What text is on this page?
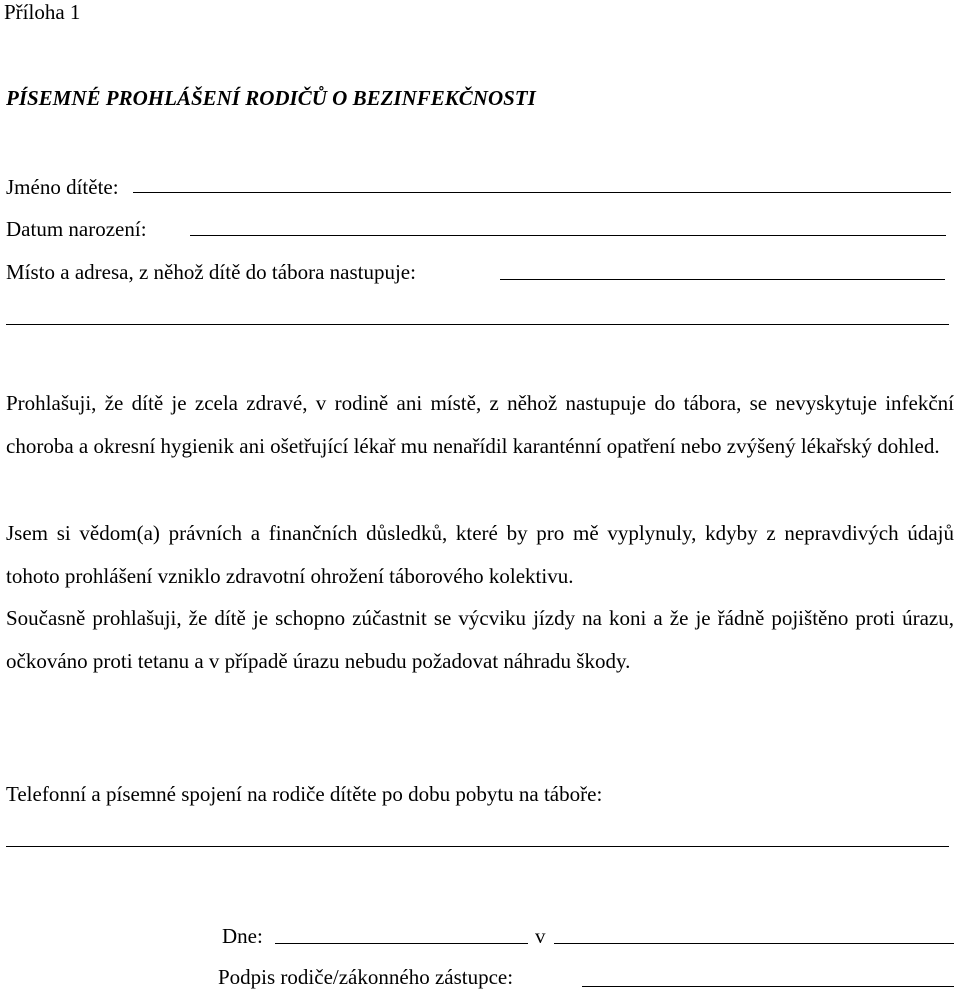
Příloha 1
PÍSEMNÉ PROHLÁŠENÍ RODIČŮ O BEZINFEKČNOSTI
Jméno dítěte:
Datum narození:
Místo a adresa, z něhož dítě do tábora nastupuje:
Prohlašuji, že dítě je zcela zdravé, v rodině ani místě, z něhož nastupuje do tábora, se nevyskytuje infekční choroba a okresní hygienik ani ošetřující lékař mu nenařídil karanténní opatření nebo zvýšený lékařský dohled.
Jsem si vědom(a) právních a finančních důsledků, které by pro mě vyplynuly, kdyby z nepravdivých údajů tohoto prohlášení vzniklo zdravotní ohrožení táborového kolektivu.
Současně prohlašuji, že dítě je schopno zúčastnit se výcviku jízdy na koni a že je řádně pojištěno proti úrazu, očkováno proti tetanu a v případě úrazu nebudu požadovat náhradu škody.
Telefonní a písemné spojení na rodiče dítěte po dobu pobytu na táboře:
Dne:	v
Podpis rodiče/zákonného zástupce:
